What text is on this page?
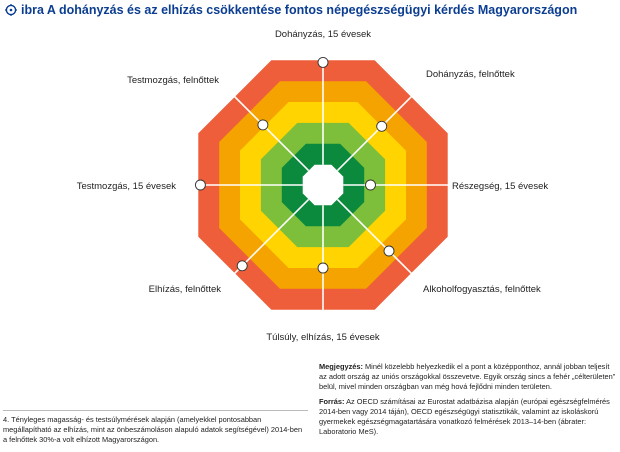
ibra A dohányzás és az elhízás csökkentése fontos népegészségügyi kérdés Magyarországon
Dohányzás, 15 évesek
Dohányzás, felnőttek
Részegség, 15 évesek
Alkoholfogyasztás, felnőttek
Túlsúly, elhízás, 15 évesek
Elhízás, felnőttek
Testmozgás, 15 évesek
Testmozgás, felnőttek

Megjegyzés: Minél közelebb helyezkedik el a pont a középponthoz, annál jobban teljesít az adott ország az uniós országokkal összevetve. Egyik ország sincs a fehér „célterületen” belül, mivel minden országban van még hová fejlődni minden területen.

Forrás: Az OECD számításai az Eurostat adatbázisa alapján (európai egészségfelmérés 2014-ben vagy 2014 táján), OECD egészségügyi statisztikák, valamint az iskoláskorú gyermekek egészségmagatartására vonatkozó felmérések 2013–14-ben (ábrater: Laboratorio MeS).

4. Tényleges magasság- és testsúlymérések alapján (amelyekkel pontosabban megállapítható az elhízás, mint az önbeszámoláson alapuló adatok segítségével) 2014-ben a felnőttek 30%-a volt elhízott Magyarországon.
